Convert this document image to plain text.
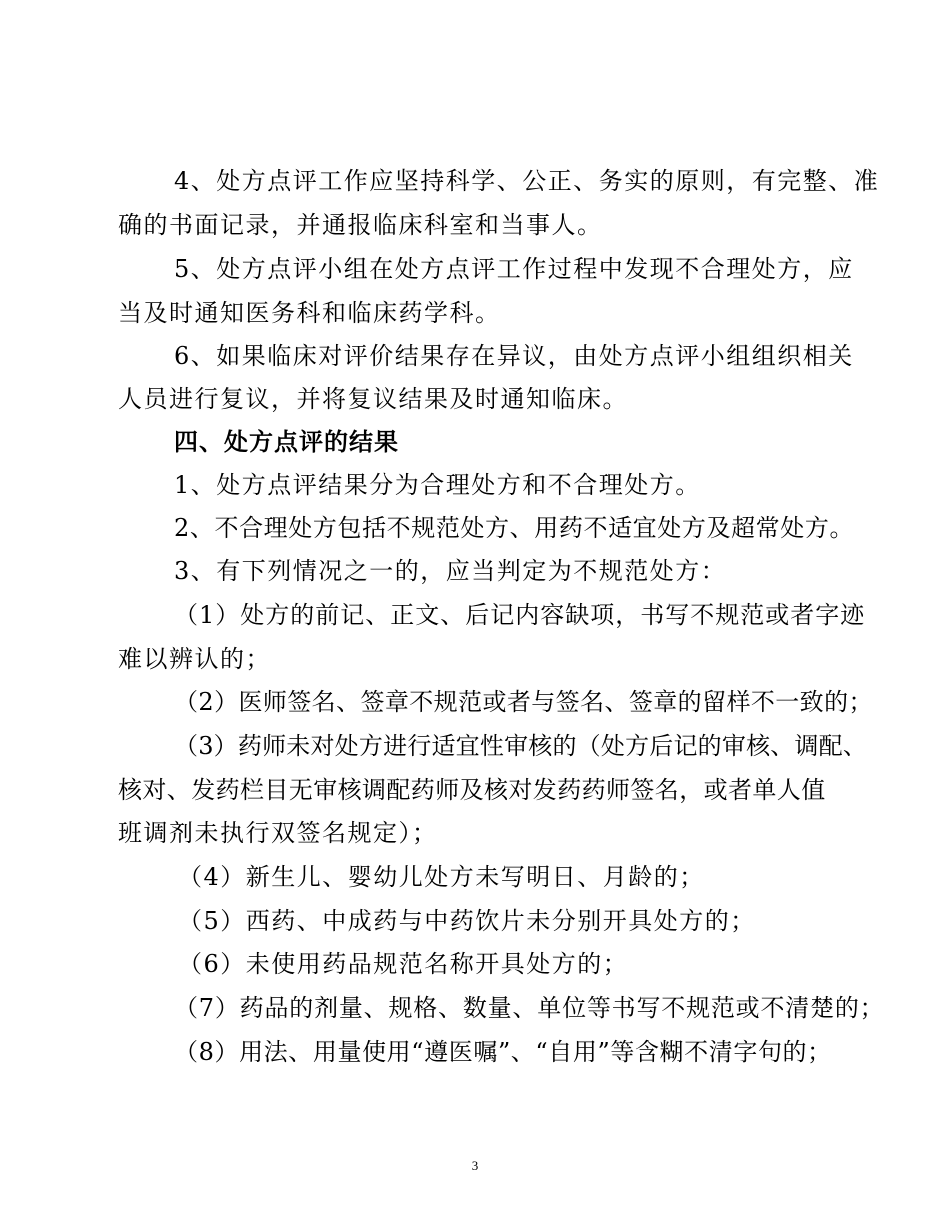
4、处方点评工作应坚持科学、公正、务实的原则，有完整、准
确的书面记录，并通报临床科室和当事人。
5、处方点评小组在处方点评工作过程中发现不合理处方，应
当及时通知医务科和临床药学科。
6、如果临床对评价结果存在异议，由处方点评小组组织相关
人员进行复议，并将复议结果及时通知临床。
四、处方点评的结果
1、处方点评结果分为合理处方和不合理处方。
2、不合理处方包括不规范处方、用药不适宜处方及超常处方。
3、有下列情况之一的，应当判定为不规范处方：
（1）处方的前记、正文、后记内容缺项，书写不规范或者字迹
难以辨认的；
（2）医师签名、签章不规范或者与签名、签章的留样不一致的；
（3）药师未对处方进行适宜性审核的（处方后记的审核、调配、
核对、发药栏目无审核调配药师及核对发药药师签名，或者单人值
班调剂未执行双签名规定）；
（4）新生儿、婴幼儿处方未写明日、月龄的；
（5）西药、中成药与中药饮片未分别开具处方的；
（6）未使用药品规范名称开具处方的；
（7）药品的剂量、规格、数量、单位等书写不规范或不清楚的；
（8）用法、用量使用“遵医嘱”、“自用”等含糊不清字句的；
3
